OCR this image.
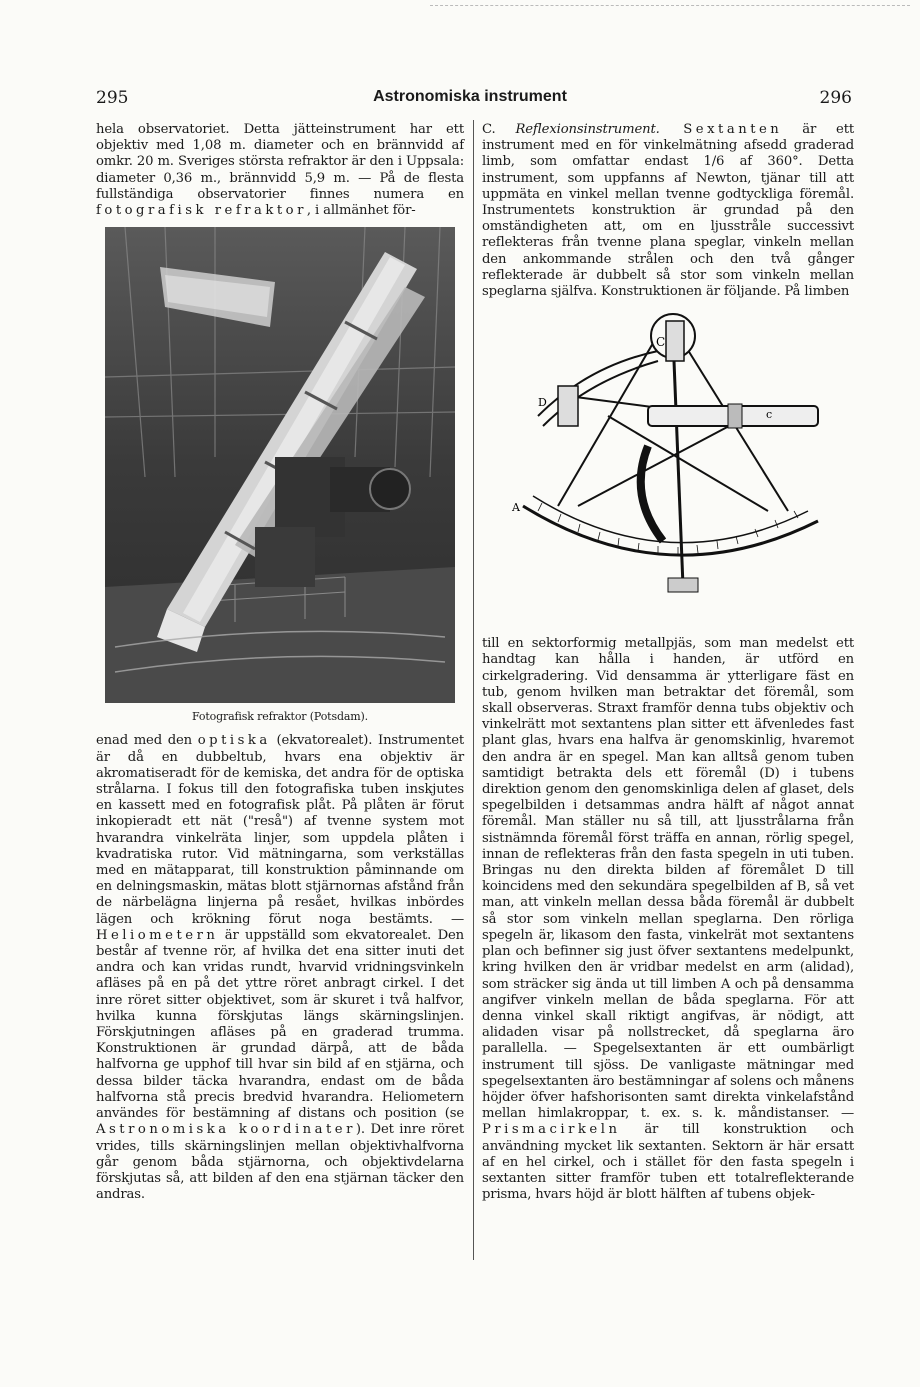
295	Astronomiska instrument	296

hela observatoriet. Detta jätteinstrument har ett objektiv med 1,08 m. diameter och en brännvidd af omkr. 20 m. Sveriges största refraktor är den i Uppsala: diameter 0,36 m., brännvidd 5,9 m. — På de flesta fullständiga observatorier finnes numera en fotografisk refraktor, i allmänhet för-

Fotografisk refraktor (Potsdam).

enad med den optiska (ekvatorealet). Instrumentet är då en dubbeltub, hvars ena objektiv är akromatiseradt för de kemiska, det andra för de optiska strålarna. I fokus till den fotografiska tuben inskjutes en kassett med en fotografisk plåt. På plåten är förut inkopieradt ett nät ("reså") af tvenne system mot hvarandra vinkelräta linjer, som uppdela plåten i kvadratiska rutor. Vid mätningarna, som verkställas med en mätapparat, till konstruktion påminnande om en delningsmaskin, mätas blott stjärnornas afstånd från de närbelägna linjerna på resået, hvilkas inbördes lägen och krökning förut noga bestämts. — Heliometern är uppställd som ekvatorealet. Den består af tvenne rör, af hvilka det ena sitter inuti det andra och kan vridas rundt, hvarvid vridningsvinkeln afläses på en på det yttre röret anbragt cirkel. I det inre röret sitter objektivet, som är skuret i två halfvor, hvilka kunna förskjutas längs skärningslinjen. Förskjutningen afläses på en graderad trumma. Konstruktionen är grundad därpå, att de båda halfvorna ge upphof till hvar sin bild af en stjärna, och dessa bilder täcka hvarandra, endast om de båda halfvorna stå precis bredvid hvarandra. Heliometern användes för bestämning af distans och position (se Astronomiska koordinater). Det inre röret vrides, tills skärningslinjen mellan objektivhalfvorna går genom båda stjärnorna, och objektivdelarna förskjutas så, att bilden af den ena stjärnan täcker den andras.

C. Reflexionsinstrument. Sextanten är ett instrument med en för vinkelmätning afsedd graderad limb, som omfattar endast 1/6 af 360°. Detta instrument, som uppfanns af Newton, tjänar till att uppmäta en vinkel mellan tvenne godtyckliga föremål. Instrumentets konstruktion är grundad på den omständigheten att, om en ljusstråle successivt reflekteras från tvenne plana speglar, vinkeln mellan den ankommande strålen och den två gånger reflekterade är dubbelt så stor som vinkeln mellan speglarna själfva. Konstruktionen är följande. På limben

C
c
A
D

till en sektorformig metallpjäs, som man medelst ett handtag kan hålla i handen, är utförd en cirkelgradering. Vid densamma är ytterligare fäst en tub, genom hvilken man betraktar det föremål, som skall observeras. Straxt framför denna tubs objektiv och vinkelrätt mot sextantens plan sitter ett äfvenledes fast plant glas, hvars ena halfva är genomskinlig, hvaremot den andra är en spegel. Man kan alltså genom tuben samtidigt betrakta dels ett föremål (D) i tubens direktion genom den genomskinliga delen af glaset, dels spegelbilden i detsammas andra hälft af något annat föremål. Man ställer nu så till, att ljusstrålarna från sistnämnda föremål först träffa en annan, rörlig spegel, innan de reflekteras från den fasta spegeln in uti tuben. Bringas nu den direkta bilden af föremålet D till koincidens med den sekundära spegelbilden af B, så vet man, att vinkeln mellan dessa båda föremål är dubbelt så stor som vinkeln mellan speglarna. Den rörliga spegeln är, likasom den fasta, vinkelrät mot sextantens plan och befinner sig just öfver sextantens medelpunkt, kring hvilken den är vridbar medelst en arm (alidad), som sträcker sig ända ut till limben A och på densamma angifver vinkeln mellan de båda speglarna. För att denna vinkel skall riktigt angifvas, är nödigt, att alidaden visar på nollstrecket, då speglarna äro parallella. — Spegelsextanten är ett oumbärligt instrument till sjöss. De vanligaste mätningar med spegelsextanten äro bestämningar af solens och månens höjder öfver hafshorisonten samt direkta vinkelafstånd mellan himlakroppar, t. ex. s. k. måndistanser. — Prismacirkeln är till konstruktion och användning mycket lik sextanten. Sektorn är här ersatt af en hel cirkel, och i stället för den fasta spegeln i sextanten sitter framför tuben ett totalreflekterande prisma, hvars höjd är blott hälften af tubens objek-
